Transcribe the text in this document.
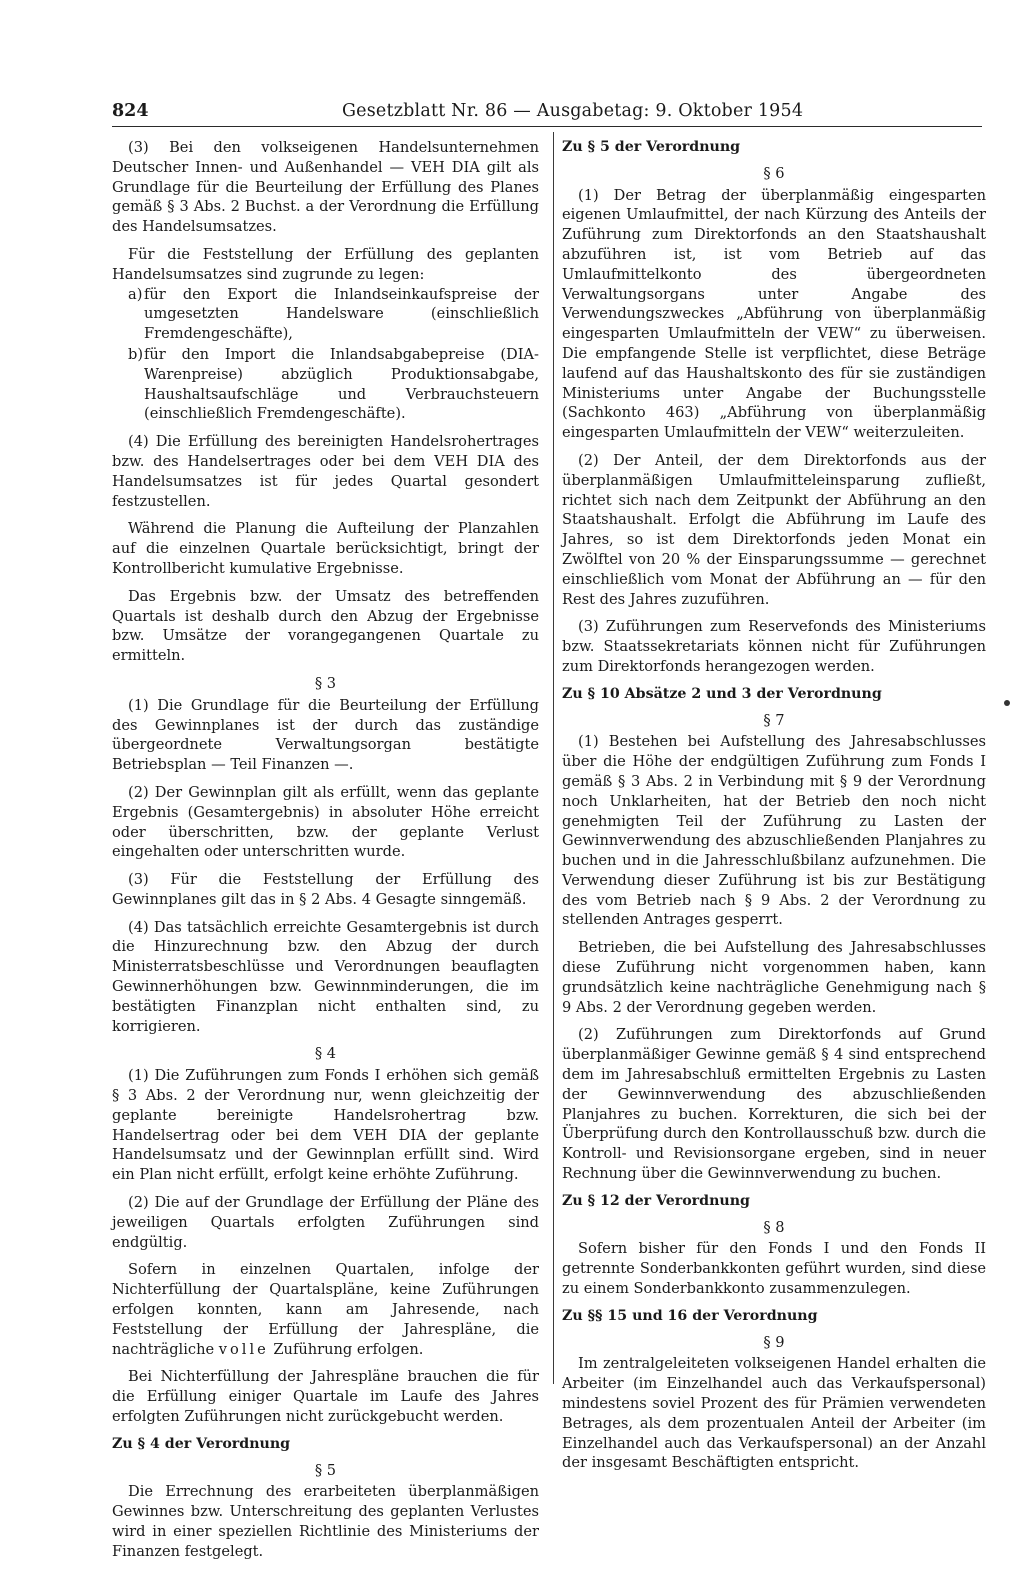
824	Gesetzblatt Nr. 86 — Ausgabetag: 9. Oktober 1954

(3) Bei den volkseigenen Handelsunternehmen Deutscher Innen- und Außenhandel — VEH DIA gilt als Grundlage für die Beurteilung der Erfüllung des Planes gemäß § 3 Abs. 2 Buchst. a der Verordnung die Erfüllung des Handelsumsatzes.

Für die Feststellung der Erfüllung des geplanten Handelsumsatzes sind zugrunde zu legen:

a) für den Export die Inlandseinkaufspreise der umgesetzten Handelsware (einschließlich Fremdengeschäfte),
b) für den Import die Inlandsabgabepreise (DIA-Warenpreise) abzüglich Produktionsabgabe, Haushaltsaufschläge und Verbrauchsteuern (einschließlich Fremdengeschäfte).

(4) Die Erfüllung des bereinigten Handelsrohertrages bzw. des Handelsertrages oder bei dem VEH DIA des Handelsumsatzes ist für jedes Quartal gesondert festzustellen.

Während die Planung die Aufteilung der Planzahlen auf die einzelnen Quartale berücksichtigt, bringt der Kontrollbericht kumulative Ergebnisse.

Das Ergebnis bzw. der Umsatz des betreffenden Quartals ist deshalb durch den Abzug der Ergebnisse bzw. Umsätze der vorangegangenen Quartale zu ermitteln.

§ 3

(1) Die Grundlage für die Beurteilung der Erfüllung des Gewinnplanes ist der durch das zuständige übergeordnete Verwaltungsorgan bestätigte Betriebsplan — Teil Finanzen —.

(2) Der Gewinnplan gilt als erfüllt, wenn das geplante Ergebnis (Gesamtergebnis) in absoluter Höhe erreicht oder überschritten, bzw. der geplante Verlust eingehalten oder unterschritten wurde.

(3) Für die Feststellung der Erfüllung des Gewinnplanes gilt das in § 2 Abs. 4 Gesagte sinngemäß.

(4) Das tatsächlich erreichte Gesamtergebnis ist durch die Hinzurechnung bzw. den Abzug der durch Ministerratsbeschlüsse und Verordnungen beauflagten Gewinnerhöhungen bzw. Gewinnminderungen, die im bestätigten Finanzplan nicht enthalten sind, zu korrigieren.

§ 4

(1) Die Zuführungen zum Fonds I erhöhen sich gemäß § 3 Abs. 2 der Verordnung nur, wenn gleichzeitig der geplante bereinigte Handelsrohertrag bzw. Handelsertrag oder bei dem VEH DIA der geplante Handelsumsatz und der Gewinnplan erfüllt sind. Wird ein Plan nicht erfüllt, erfolgt keine erhöhte Zuführung.

(2) Die auf der Grundlage der Erfüllung der Pläne des jeweiligen Quartals erfolgten Zuführungen sind endgültig.

Sofern in einzelnen Quartalen, infolge der Nichterfüllung der Quartalspläne, keine Zuführungen erfolgen konnten, kann am Jahresende, nach Feststellung der Erfüllung der Jahrespläne, die nachträgliche volle Zuführung erfolgen.

Bei Nichterfüllung der Jahrespläne brauchen die für die Erfüllung einiger Quartale im Laufe des Jahres erfolgten Zuführungen nicht zurückgebucht werden.

Zu § 4 der Verordnung
§ 5

Die Errechnung des erarbeiteten überplanmäßigen Gewinnes bzw. Unterschreitung des geplanten Verlustes wird in einer speziellen Richtlinie des Ministeriums der Finanzen festgelegt.

Zu § 5 der Verordnung
§ 6

(1) Der Betrag der überplanmäßig eingesparten eigenen Umlaufmittel, der nach Kürzung des Anteils der Zuführung zum Direktorfonds an den Staatshaushalt abzuführen ist, ist vom Betrieb auf das Umlaufmittelkonto des übergeordneten Verwaltungsorgans unter Angabe des Verwendungszweckes „Abführung von überplanmäßig eingesparten Umlaufmitteln der VEW“ zu überweisen. Die empfangende Stelle ist verpflichtet, diese Beträge laufend auf das Haushaltskonto des für sie zuständigen Ministeriums unter Angabe der Buchungsstelle (Sachkonto 463) „Abführung von überplanmäßig eingesparten Umlaufmitteln der VEW“ weiterzuleiten.

(2) Der Anteil, der dem Direktorfonds aus der überplanmäßigen Umlaufmitteleinsparung zufließt, richtet sich nach dem Zeitpunkt der Abführung an den Staatshaushalt. Erfolgt die Abführung im Laufe des Jahres, so ist dem Direktorfonds jeden Monat ein Zwölftel von 20 % der Einsparungssumme — gerechnet einschließlich vom Monat der Abführung an — für den Rest des Jahres zuzuführen.

(3) Zuführungen zum Reservefonds des Ministeriums bzw. Staatssekretariats können nicht für Zuführungen zum Direktorfonds herangezogen werden.

Zu § 10 Absätze 2 und 3 der Verordnung
§ 7

(1) Bestehen bei Aufstellung des Jahresabschlusses über die Höhe der endgültigen Zuführung zum Fonds I gemäß § 3 Abs. 2 in Verbindung mit § 9 der Verordnung noch Unklarheiten, hat der Betrieb den noch nicht genehmigten Teil der Zuführung zu Lasten der Gewinnverwendung des abzuschließenden Planjahres zu buchen und in die Jahresschlußbilanz aufzunehmen. Die Verwendung dieser Zuführung ist bis zur Bestätigung des vom Betrieb nach § 9 Abs. 2 der Verordnung zu stellenden Antrages gesperrt.

Betrieben, die bei Aufstellung des Jahresabschlusses diese Zuführung nicht vorgenommen haben, kann grundsätzlich keine nachträgliche Genehmigung nach § 9 Abs. 2 der Verordnung gegeben werden.

(2) Zuführungen zum Direktorfonds auf Grund überplanmäßiger Gewinne gemäß § 4 sind entsprechend dem im Jahresabschluß ermittelten Ergebnis zu Lasten der Gewinnverwendung des abzuschließenden Planjahres zu buchen. Korrekturen, die sich bei der Überprüfung durch den Kontrollausschuß bzw. durch die Kontroll- und Revisionsorgane ergeben, sind in neuer Rechnung über die Gewinnverwendung zu buchen.

Zu § 12 der Verordnung
§ 8

Sofern bisher für den Fonds I und den Fonds II getrennte Sonderbankkonten geführt wurden, sind diese zu einem Sonderbankkonto zusammenzulegen.

Zu §§ 15 und 16 der Verordnung
§ 9

Im zentralgeleiteten volkseigenen Handel erhalten die Arbeiter (im Einzelhandel auch das Verkaufspersonal) mindestens soviel Prozent des für Prämien verwendeten Betrages, als dem prozentualen Anteil der Arbeiter (im Einzelhandel auch das Verkaufspersonal) an der Anzahl der insgesamt Beschäftigten entspricht.
